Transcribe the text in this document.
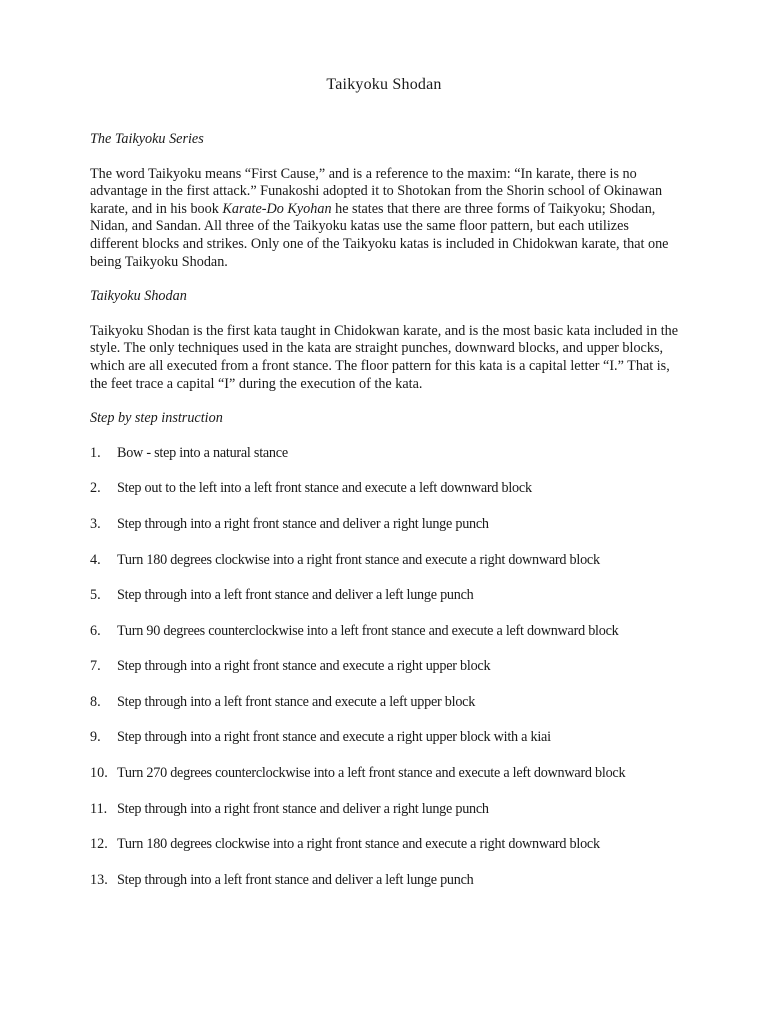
Taikyoku Shodan

The Taikyoku Series

The word Taikyoku means “First Cause,” and is a reference to the maxim: “In karate, there is no advantage in the first attack.” Funakoshi adopted it to Shotokan from the Shorin school of Okinawan karate, and in his book Karate-Do Kyohan he states that there are three forms of Taikyoku; Shodan, Nidan, and Sandan. All three of the Taikyoku katas use the same floor pattern, but each utilizes different blocks and strikes. Only one of the Taikyoku katas is included in Chidokwan karate, that one being Taikyoku Shodan.

Taikyoku Shodan

Taikyoku Shodan is the first kata taught in Chidokwan karate, and is the most basic kata included in the style. The only techniques used in the kata are straight punches, downward blocks, and upper blocks, which are all executed from a front stance. The floor pattern for this kata is a capital letter “I.” That is, the feet trace a capital “I” during the execution of the kata.

Step by step instruction

1.	Bow - step into a natural stance
2.	Step out to the left into a left front stance and execute a left downward block
3.	Step through into a right front stance and deliver a right lunge punch
4.	Turn 180 degrees clockwise into a right front stance and execute a right downward block
5.	Step through into a left front stance and deliver a left lunge punch
6.	Turn 90 degrees counterclockwise into a left front stance and execute a left downward block
7.	Step through into a right front stance and execute a right upper block
8.	Step through into a left front stance and execute a left upper block
9.	Step through into a right front stance and execute a right upper block with a kiai
10. Turn 270 degrees counterclockwise into a left front stance and execute a left downward block
11. Step through into a right front stance and deliver a right lunge punch
12. Turn 180 degrees clockwise into a right front stance and execute a right downward block
13. Step through into a left front stance and deliver a left lunge punch
